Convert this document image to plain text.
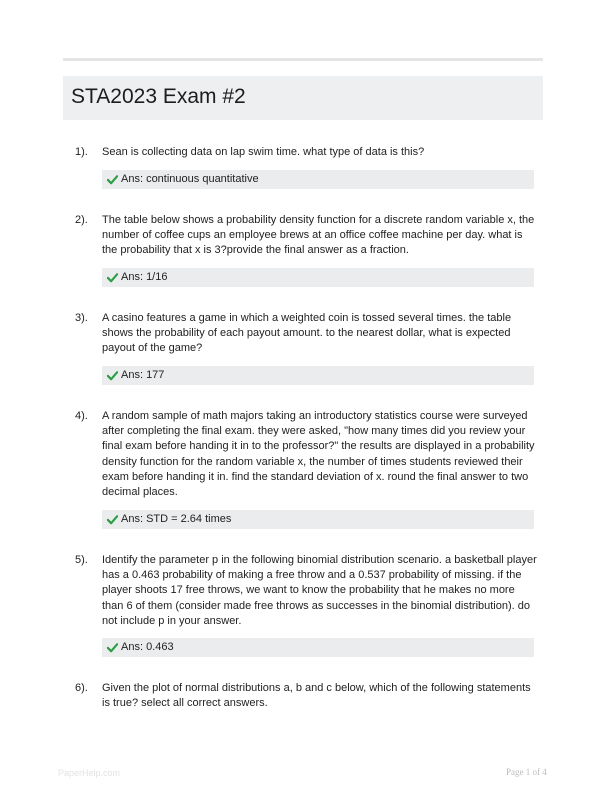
STA2023 Exam #2
1). Sean is collecting data on lap swim time. what type of data is this?

Ans: continuous quantitative
2). The table below shows a probability density function for a discrete random variable x, the number of coffee cups an employee brews at an office coffee machine per day. what is the probability that x is 3?provide the final answer as a fraction.

Ans: 1/16
3). A casino features a game in which a weighted coin is tossed several times. the table shows the probability of each payout amount. to the nearest dollar, what is expected payout of the game?

Ans: 177
4). A random sample of math majors taking an introductory statistics course were surveyed after completing the final exam. they were asked, "how many times did you review your final exam before handing it in to the professor?" the results are displayed in a probability density function for the random variable x, the number of times students reviewed their exam before handing it in. find the standard deviation of x. round the final answer to two decimal places.

Ans: STD = 2.64 times
5). Identify the parameter p in the following binomial distribution scenario. a basketball player has a 0.463 probability of making a free throw and a 0.537 probability of missing. if the player shoots 17 free throws, we want to know the probability that he makes no more than 6 of them (consider made free throws as successes in the binomial distribution). do not include p in your answer.

Ans: 0.463
6). Given the plot of normal distributions a, b and c below, which of the following statements is true? select all correct answers.

PaperHelp.com	Page 1 of 4
